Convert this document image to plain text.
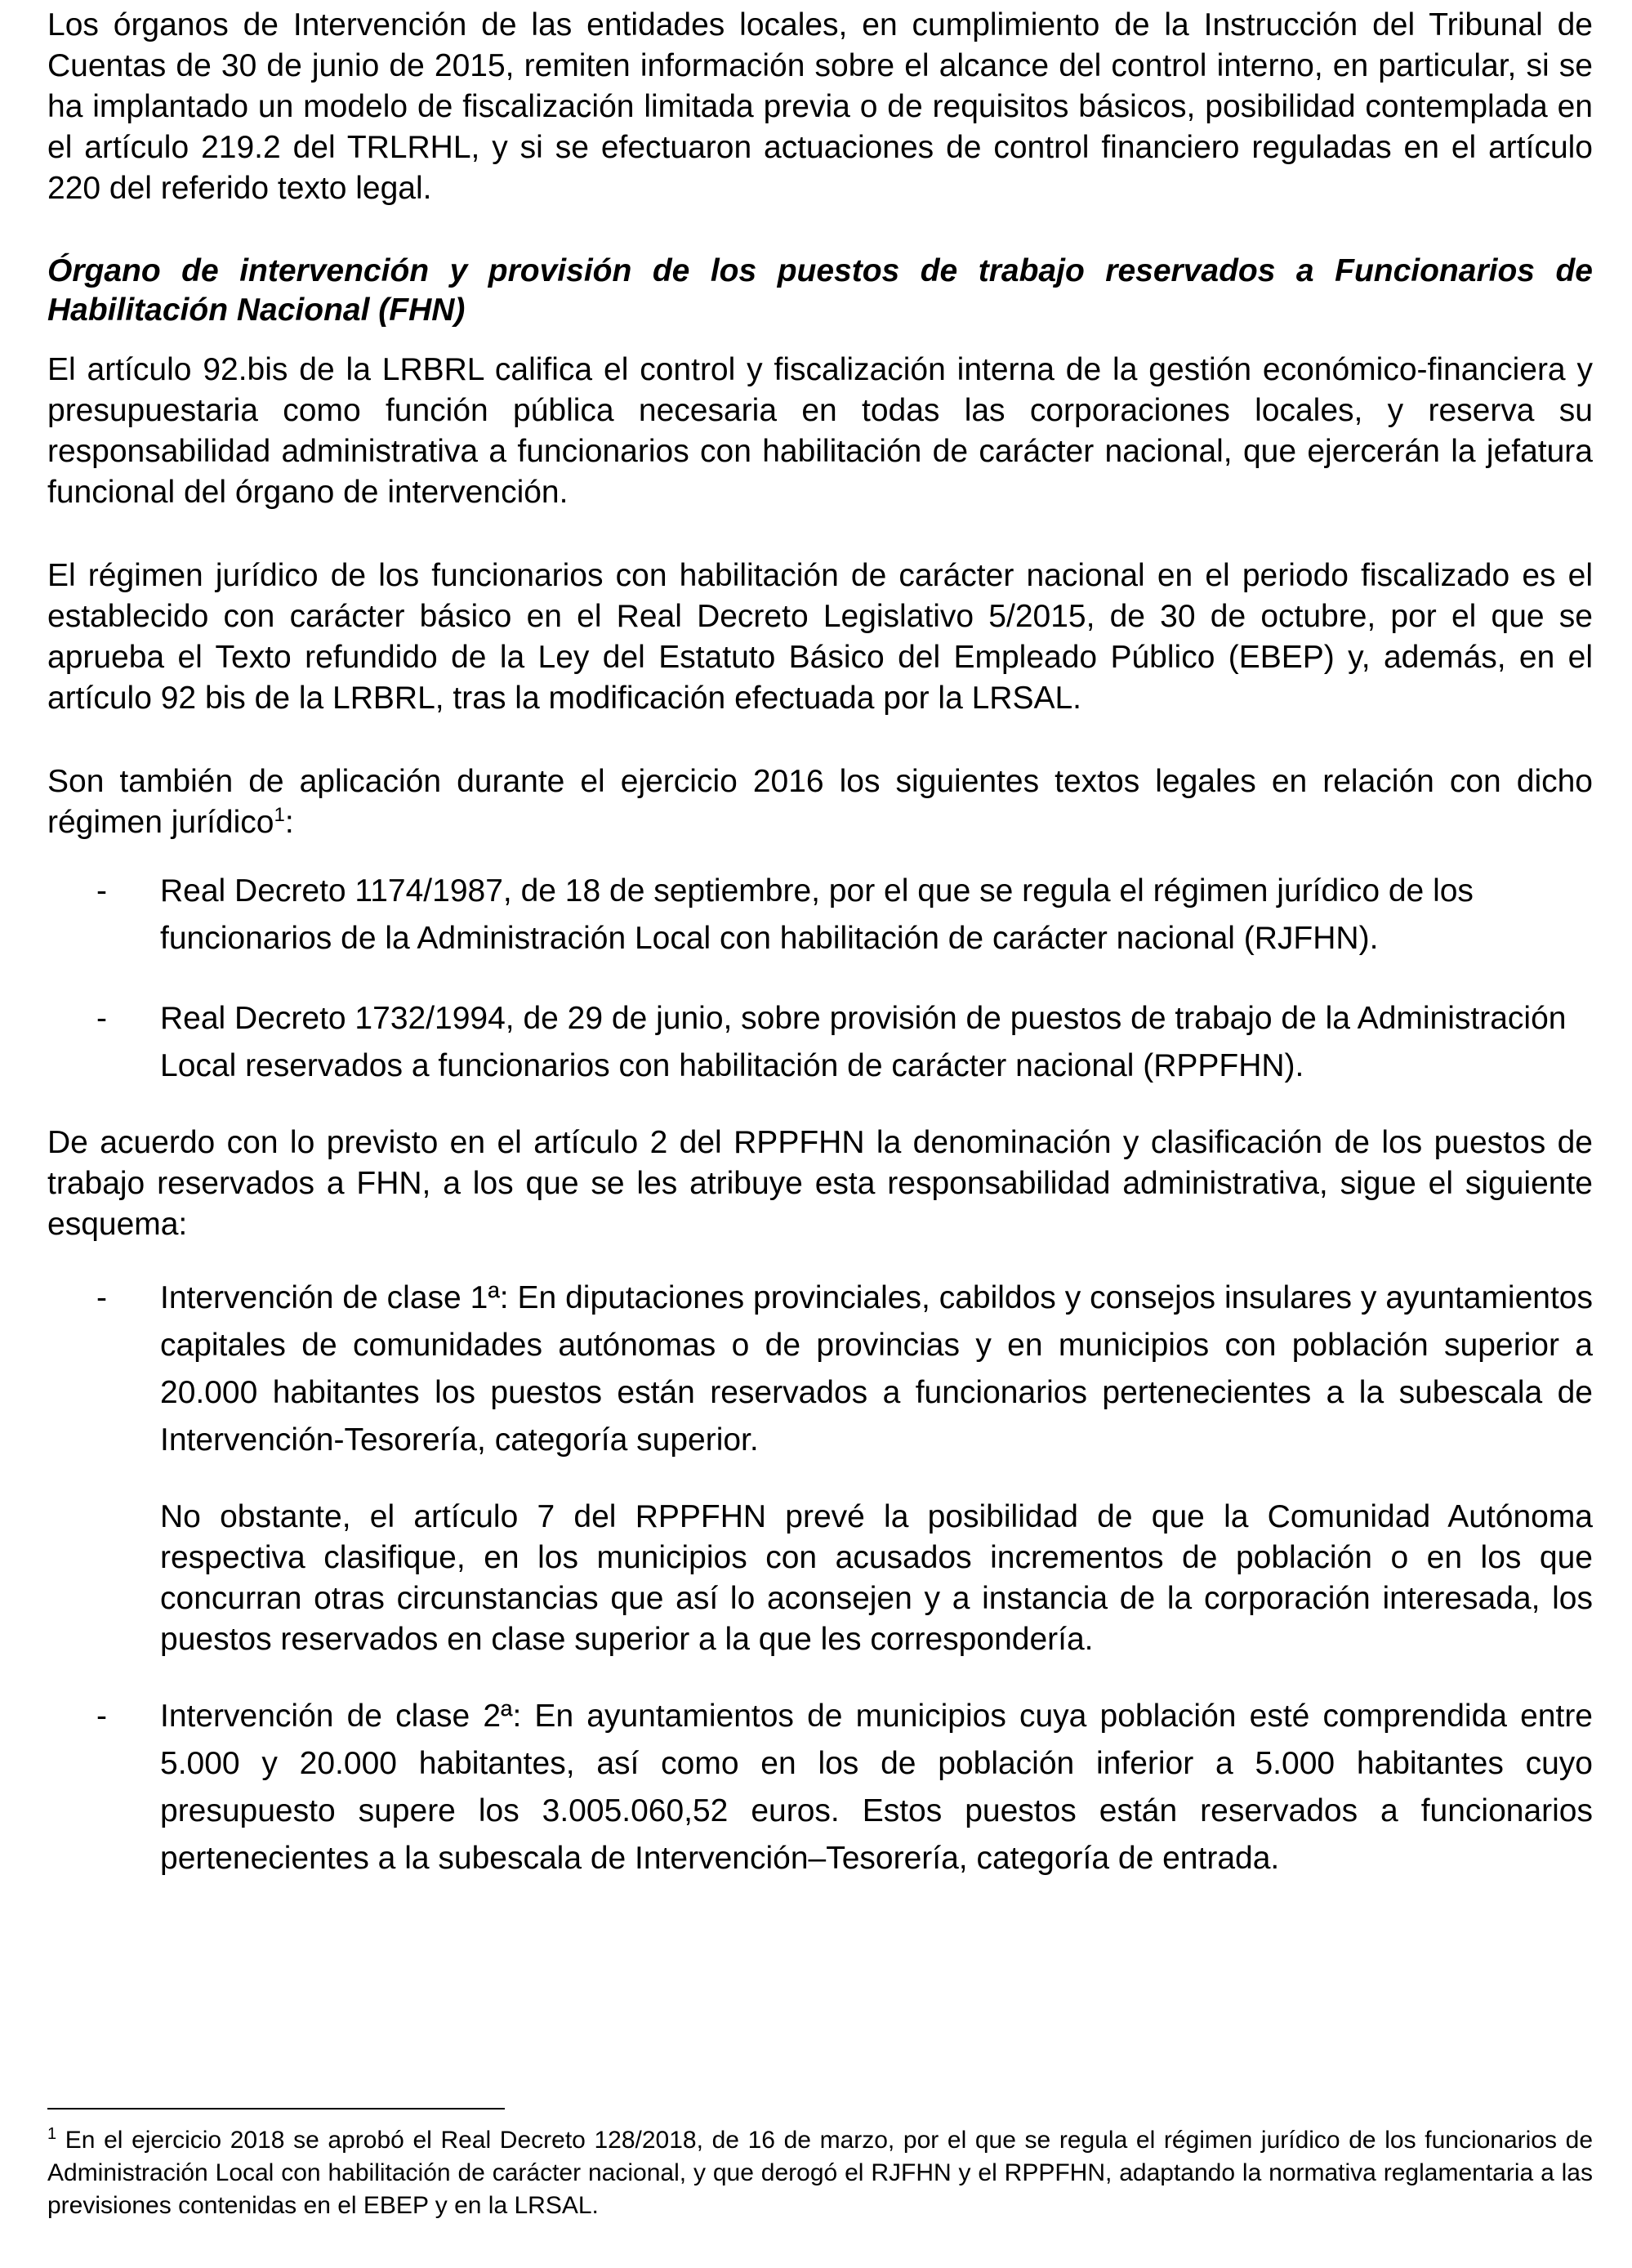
Los órganos de Intervención de las entidades locales, en cumplimiento de la Instrucción del Tribunal de Cuentas de 30 de junio de 2015, remiten información sobre el alcance del control interno, en particular, si se ha implantado un modelo de fiscalización limitada previa o de requisitos básicos, posibilidad contemplada en el artículo 219.2 del TRLRHL, y si se efectuaron actuaciones de control financiero reguladas en el artículo 220 del referido texto legal.

Órgano de intervención y provisión de los puestos de trabajo reservados a Funcionarios de Habilitación Nacional (FHN)

El artículo 92.bis de la LRBRL califica el control y fiscalización interna de la gestión económico-financiera y presupuestaria como función pública necesaria en todas las corporaciones locales, y reserva su responsabilidad administrativa a funcionarios con habilitación de carácter nacional, que ejercerán la jefatura funcional del órgano de intervención.

El régimen jurídico de los funcionarios con habilitación de carácter nacional en el periodo fiscalizado es el establecido con carácter básico en el Real Decreto Legislativo 5/2015, de 30 de octubre, por el que se aprueba el Texto refundido de la Ley del Estatuto Básico del Empleado Público (EBEP) y, además, en el artículo 92 bis de la LRBRL, tras la modificación efectuada por la LRSAL.

Son también de aplicación durante el ejercicio 2016 los siguientes textos legales en relación con dicho régimen jurídico$^1$:

- Real Decreto 1174/1987, de 18 de septiembre, por el que se regula el régimen jurídico de los funcionarios de la Administración Local con habilitación de carácter nacional (RJFHN).

- Real Decreto 1732/1994, de 29 de junio, sobre provisión de puestos de trabajo de la Administración Local reservados a funcionarios con habilitación de carácter nacional (RPPFHN).

De acuerdo con lo previsto en el artículo 2 del RPPFHN la denominación y clasificación de los puestos de trabajo reservados a FHN, a los que se les atribuye esta responsabilidad administrativa, sigue el siguiente esquema:

- Intervención de clase 1ª: En diputaciones provinciales, cabildos y consejos insulares y ayuntamientos capitales de comunidades autónomas o de provincias y en municipios con población superior a 20.000 habitantes los puestos están reservados a funcionarios pertenecientes a la subescala de Intervención-Tesorería, categoría superior.

No obstante, el artículo 7 del RPPFHN prevé la posibilidad de que la Comunidad Autónoma respectiva clasifique, en los municipios con acusados incrementos de población o en los que concurran otras circunstancias que así lo aconsejen y a instancia de la corporación interesada, los puestos reservados en clase superior a la que les correspondería.

- Intervención de clase 2ª: En ayuntamientos de municipios cuya población esté comprendida entre 5.000 y 20.000 habitantes, así como en los de población inferior a 5.000 habitantes cuyo presupuesto supere los 3.005.060,52 euros. Estos puestos están reservados a funcionarios pertenecientes a la subescala de Intervención–Tesorería, categoría de entrada.

$^1$ En el ejercicio 2018 se aprobó el Real Decreto 128/2018, de 16 de marzo, por el que se regula el régimen jurídico de los funcionarios de Administración Local con habilitación de carácter nacional, y que derogó el RJFHN y el RPPFHN, adaptando la normativa reglamentaria a las previsiones contenidas en el EBEP y en la LRSAL.
